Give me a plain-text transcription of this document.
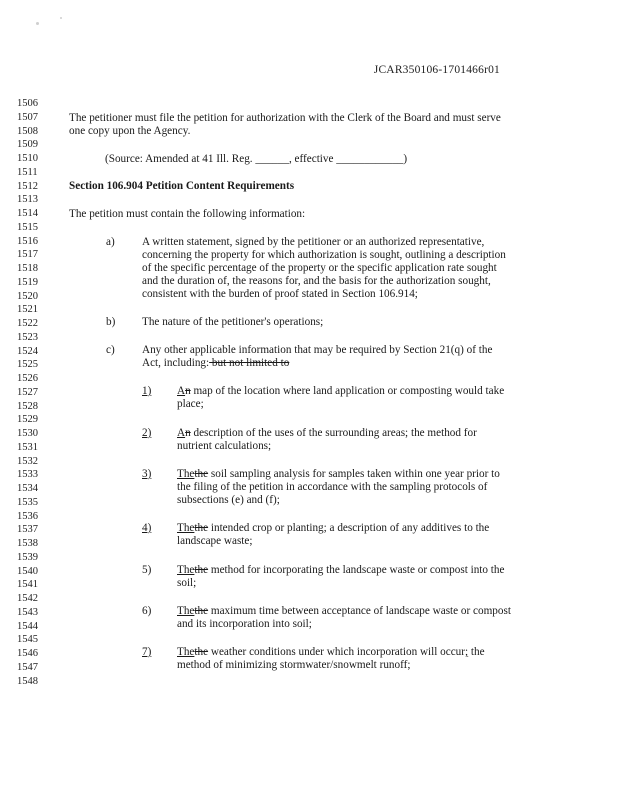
JCAR350106-1701466r01
1506
1507
1508
1509
1510
1511
1512
1513
1514
1515
1516
1517
1518
1519
1520
1521
1522
1523
1524
1525
1526
1527
1528
1529
1530
1531
1532
1533
1534
1535
1536
1537
1538
1539
1540
1541
1542
1543
1544
1545
1546
1547
1548
The petitioner must file the petition for authorization with the Clerk of the Board and must serve
one copy upon the Agency.
(Source: Amended at 41 Ill. Reg. ______, effective ____________)
Section 106.904 Petition Content Requirements
The petition must contain the following information:
a) A written statement, signed by the petitioner or an authorized representative,
concerning the property for which authorization is sought, outlining a description
of the specific percentage of the property or the specific application rate sought
and the duration of, the reasons for, and the basis for the authorization sought,
consistent with the burden of proof stated in Section 106.914;
b) The nature of the petitioner's operations;
c) Any other applicable information that may be required by Section 21(q) of the
Act, including: but not limited to
1) An map of the location where land application or composting would take
place;
2) An description of the uses of the surrounding areas; the method for
nutrient calculations;
3) Thethe soil sampling analysis for samples taken within one year prior to
the filing of the petition in accordance with the sampling protocols of
subsections (e) and (f);
4) Thethe intended crop or planting; a description of any additives to the
landscape waste;
5) Thethe method for incorporating the landscape waste or compost into the
soil;
6) Thethe maximum time between acceptance of landscape waste or compost
and its incorporation into soil;
7) Thethe weather conditions under which incorporation will occur; the
method of minimizing stormwater/snowmelt runoff;
